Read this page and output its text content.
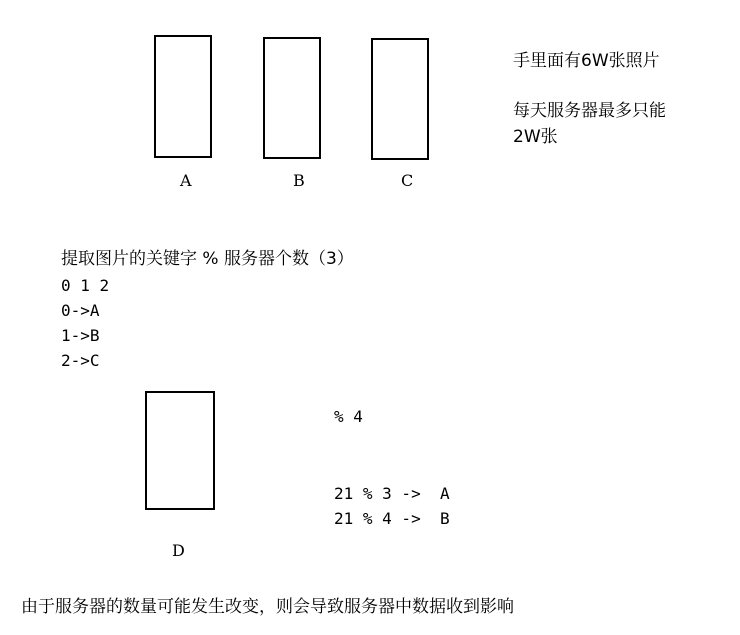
A	B	C
D
手里面有6W张照片
每天服务器最多只能
2W张
提取图片的关键字 % 服务器个数（3）
0 1 2
0->A
1->B
2->C
% 4
21 % 3 ->  A
21 % 4 ->  B
由于服务器的数量可能发生改变，则会导致服务器中数据收到影响
